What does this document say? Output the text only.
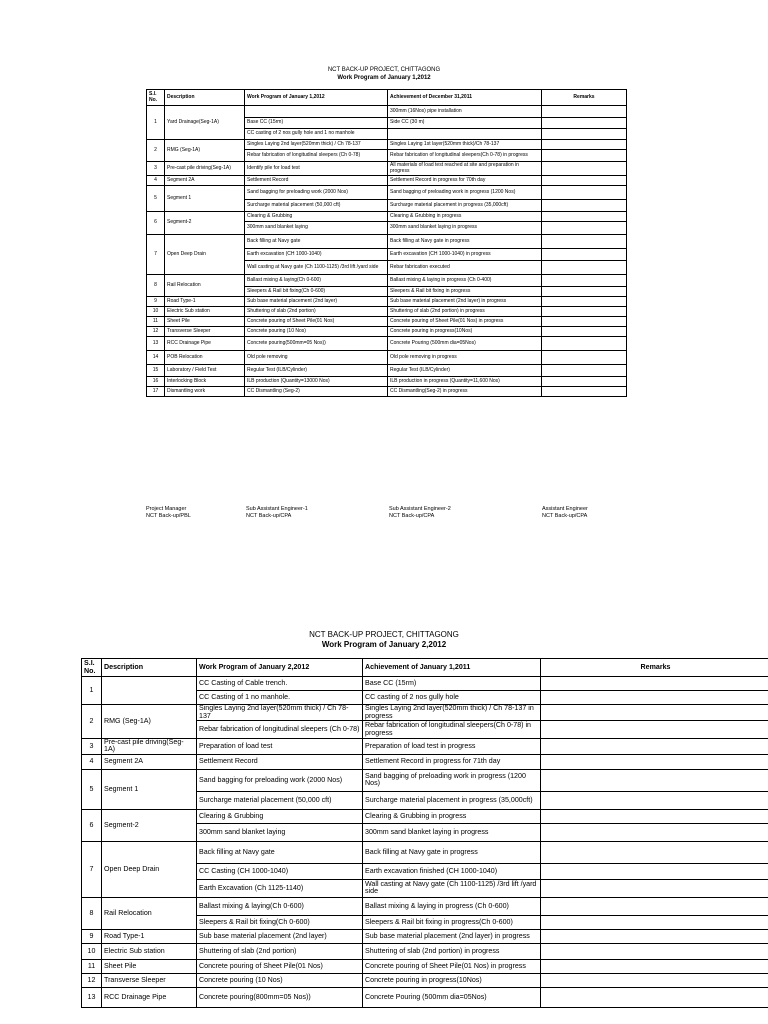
NCT BACK-UP PROJECT, CHITTAGONG
Work Program of January 1,2012
S.I. No.	Description	Work Program of January 1,2012	Achievement of December 31,2011	Remarks
1	Yard Drainage(Seg-1A)		300mm (16Nos) pipe installation	
		Base CC (15rm)	Side CC (30 m)	
		CC casting of 2 nos gully hole and 1 no manhole		
2	RMG (Seg-1A)	Singles Laying 2nd layer(520mm thick) / Ch 78-137	Singles Laying 1st layer(520mm thick)/Ch 78-137	
		Rebar fabrication of longitudinal sleepers (Ch 0-78)	Rebar fabrication of longitudinal sleepers(Ch 0-78) in progress	
3	Pre-cast pile driving(Seg-1A)	Identify pile for load test	All materials of load test reached at site and preparation in progress	
4	Segment 2A	Settlement Record	Settlement Record in progress for 70th day	
5	Segment 1	Sand bagging for preloading work (2000 Nos)	Sand bagging of preloading work in progress (1200 Nos)	
		Surcharge material placement (50,000 cft)	Surcharge material placement in progress (35,000cft)	
6	Segment-2	Clearing & Grubbing	Clearing & Grubbing in progress	
		300mm sand blanket laying	300mm sand blanket laying in progress	
7	Open Deep Drain	Back filling at Navy gate	Back filling at Navy gate in progress	
		Earth excavation (CH 1000-1040)	Earth excavation (CH 1000-1040) in progress	
		Wall casting at Navy gate (Ch 1100-1125) /3rd lift /yard side	Rebar fabrication executed	
8	Rail Relocation	Ballast mixing & laying(Ch 0-600)	Ballast mixing & laying in progress (Ch 0-400)	
		Sleepers & Rail bit fixing(Ch 0-600)	Sleepers & Rail bit fixing in progress	
9	Road Type-1	Sub base material placement (2nd layer)	Sub base material placement (2nd layer) in progress	
10	Electric Sub station	Shuttering of slab (2nd portion)	Shuttering of slab (2nd portion) in progress	
11	Sheet Pile	Concrete pouring of Sheet Pile(01 Nos)	Concrete pouring of Sheet Pile(01 Nos) in progress	
12	Transverse Sleeper	Concrete pouring (10 Nos)	Concrete pouring in progress(10Nos)	
13	RCC Drainage Pipe	Concrete pouring(500mm=05 Nos))	Concrete Pouring (500mm dia=05Nos)	
14	POB Relocation	Old pole removing	Old pole removing in progress	
15	Laboratory / Field Test	Regular Test (ILB/Cylinder)	Regular Test (ILB/Cylinder)	
16	Interlocking Block	ILB production (Quantity=13000 Nos)	ILB production in progress (Quantity=11,600 Nos)	
17	Dismantling work	CC Dismantling (Seg-2)	CC Dismantling(Seg-2) in progress	
Project Manager
NCT Back-up/PBL
Sub Assistant Engineer-1
NCT Back-up/CPA
Sub Assistant Engineer-2
NCT Back-up/CPA
Assistant Engineer
NCT Back-up/CPA
NCT BACK-UP PROJECT, CHITTAGONG
Work Program of January 2,2012
S.I. No.	Description	Work Program of January 2,2012	Achievement of January 1,2011	Remarks
1		CC Casting of Cable trench.	Base CC (15rm)	
		CC Casting of 1 no manhole.	CC casting of 2 nos gully hole	
2	RMG (Seg-1A)	Singles Laying 2nd layer(520mm thick) / Ch 78-137	Singles Laying 2nd layer(520mm thick) / Ch 78-137 in progress	
		Rebar fabrication of longitudinal sleepers (Ch 0-78)	Rebar fabrication of longitudinal sleepers(Ch 0-78) in progress	
3	Pre-cast pile driving(Seg-1A)	Preparation of load test	Preparation of load test in progress	
4	Segment 2A	Settlement Record	Settlement Record in progress for 71th day	
5	Segment 1	Sand bagging for preloading work (2000 Nos)	Sand bagging of preloading work in progress (1200 Nos)	
		Surcharge material placement (50,000 cft)	Surcharge material placement in progress (35,000cft)	
6	Segment-2	Clearing & Grubbing	Clearing & Grubbing in progress	
		300mm sand blanket laying	300mm sand blanket laying in progress	
7	Open Deep Drain	Back filling at Navy gate	Back filling at Navy gate in progress	
		CC Casting (CH 1000-1040)	Earth excavation finished (CH 1000-1040)	
		Earth Excavation (Ch 1125-1140)	Wall casting at Navy gate (Ch 1100-1125) /3rd lift /yard side	
8	Rail Relocation	Ballast mixing & laying(Ch 0-600)	Ballast mixing & laying in progress (Ch 0-600)	
		Sleepers & Rail bit fixing(Ch 0-600)	Sleepers & Rail bit fixing in progress(Ch 0-600)	
9	Road Type-1	Sub base material placement (2nd layer)	Sub base material placement (2nd layer) in progress	
10	Electric Sub station	Shuttering of slab (2nd portion)	Shuttering of slab (2nd portion) in progress	
11	Sheet Pile	Concrete pouring of Sheet Pile(01 Nos)	Concrete pouring of Sheet Pile(01 Nos) in progress	
12	Transverse Sleeper	Concrete pouring (10 Nos)	Concrete pouring in progress(10Nos)	
13	RCC Drainage Pipe	Concrete pouring(800mm=05 Nos))	Concrete Pouring (500mm dia=05Nos)	
